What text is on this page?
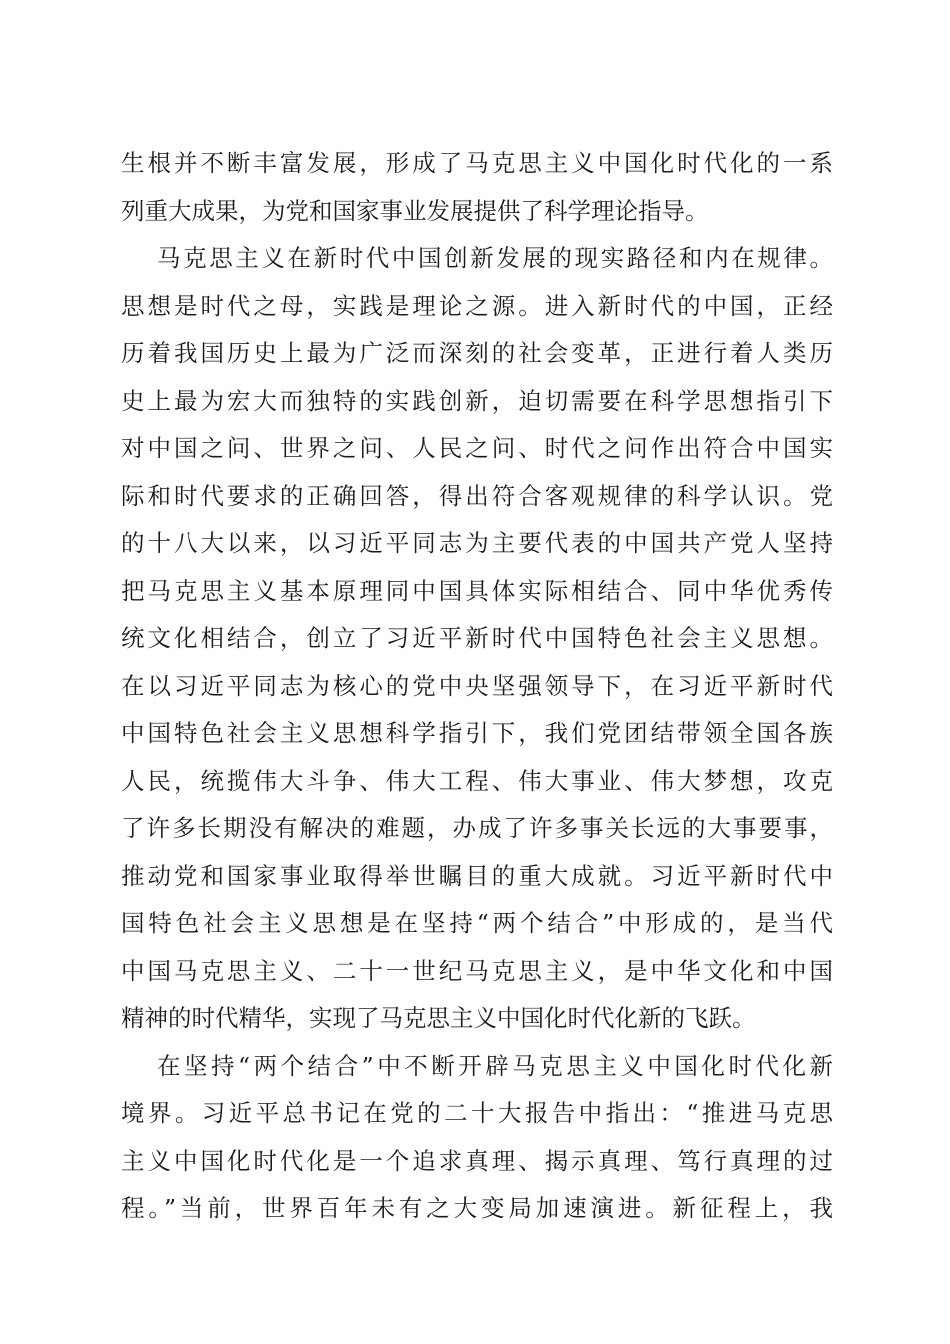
生根并不断丰富发展，形成了马克思主义中国化时代化的一系
列重大成果，为党和国家事业发展提供了科学理论指导。
马克思主义在新时代中国创新发展的现实路径和内在规律。
思想是时代之母，实践是理论之源。进入新时代的中国，正经
历着我国历史上最为广泛而深刻的社会变革，正进行着人类历
史上最为宏大而独特的实践创新，迫切需要在科学思想指引下
对中国之问、世界之问、人民之问、时代之问作出符合中国实
际和时代要求的正确回答，得出符合客观规律的科学认识。党
的十八大以来，以习近平同志为主要代表的中国共产党人坚持
把马克思主义基本原理同中国具体实际相结合、同中华优秀传
统文化相结合，创立了习近平新时代中国特色社会主义思想。
在以习近平同志为核心的党中央坚强领导下，在习近平新时代
中国特色社会主义思想科学指引下，我们党团结带领全国各族
人民，统揽伟大斗争、伟大工程、伟大事业、伟大梦想，攻克
了许多长期没有解决的难题，办成了许多事关长远的大事要事，
推动党和国家事业取得举世瞩目的重大成就。习近平新时代中
国特色社会主义思想是在坚持“两个结合”中形成的，是当代
中国马克思主义、二十一世纪马克思主义，是中华文化和中国
精神的时代精华，实现了马克思主义中国化时代化新的飞跃。
在坚持“两个结合”中不断开辟马克思主义中国化时代化新
境界。习近平总书记在党的二十大报告中指出：“推进马克思
主义中国化时代化是一个追求真理、揭示真理、笃行真理的过
程。”当前，世界百年未有之大变局加速演进。新征程上，我
